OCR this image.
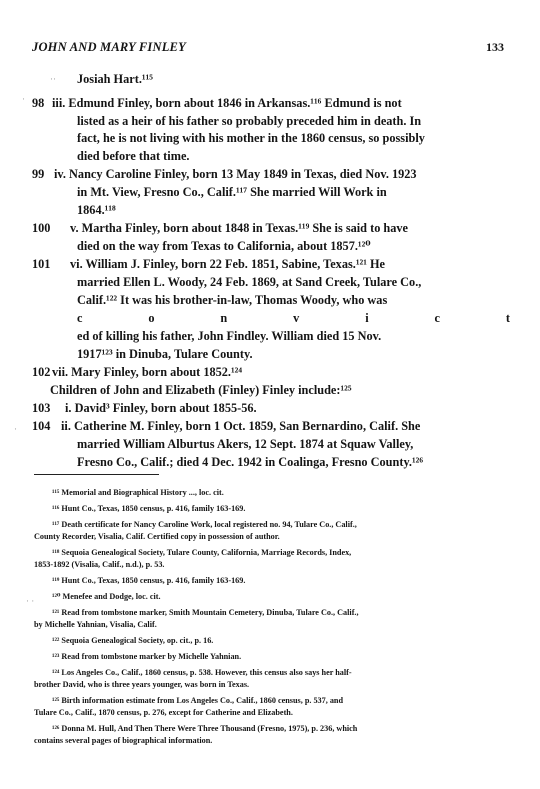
JOHN AND MARY FINLEY	133
··
·
Josiah Hart.¹¹⁵
98 iii. Edmund Finley, born about 1846 in Arkansas.¹¹⁶ Edmund is not
listed as a heir of his father so probably preceded him in death. In
fact, he is not living with his mother in the 1860 census, so possibly
died before that time.
99 iv. Nancy Caroline Finley, born 13 May 1849 in Texas, died Nov. 1923
in Mt. View, Fresno Co., Calif.¹¹⁷ She married Will Work in
1864.¹¹⁸
100 v. Martha Finley, born about 1848 in Texas.¹¹⁹ She is said to have
died on the way from Texas to California, about 1857.¹²⁰
101 vi. William J. Finley, born 22 Feb. 1851, Sabine, Texas.¹²¹ He
married Ellen L. Woody, 24 Feb. 1869, at Sand Creek, Tulare Co.,
Calif.¹²² It was his brother-in-law, Thomas Woody, who was
c	o	n	v	i	c	t
ed of killing his father, John Findley. William died 15 Nov.
1917¹²³ in Dinuba, Tulare County.
102 vii. Mary Finley, born about 1852.¹²⁴
Children of John and Elizabeth (Finley) Finley include:¹²⁵
103 i. David³ Finley, born about 1855-56.
104 ii. Catherine M. Finley, born 1 Oct. 1859, San Bernardino, Calif. She
married William Alburtus Akers, 12 Sept. 1874 at Squaw Valley,
Fresno Co., Calif.; died 4 Dec. 1942 in Coalinga, Fresno County.¹²⁶
¹¹⁵ Memorial and Biographical History ..., loc. cit.
¹¹⁶ Hunt Co., Texas, 1850 census, p. 416, family 163-169.
¹¹⁷ Death certificate for Nancy Caroline Work, local registered no. 94, Tulare Co., Calif.,
County Recorder, Visalia, Calif. Certified copy in possession of author.
¹¹⁸ Sequoia Genealogical Society, Tulare County, California, Marriage Records, Index,
1853-1892 (Visalia, Calif., n.d.), p. 53.
¹¹⁹ Hunt Co., Texas, 1850 census, p. 416, family 163-169.
¹²⁰ Menefee and Dodge, loc. cit.
¹²¹ Read from tombstone marker, Smith Mountain Cemetery, Dinuba, Tulare Co., Calif.,
by Michelle Yahnian, Visalia, Calif.
¹²² Sequoia Genealogical Society, op. cit., p. 16.
¹²³ Read from tombstone marker by Michelle Yahnian.
¹²⁴ Los Angeles Co., Calif., 1860 census, p. 538. However, this census also says her half-
brother David, who is three years younger, was born in Texas.
¹²⁵ Birth information estimate from Los Angeles Co., Calif., 1860 census, p. 537, and
Tulare Co., Calif., 1870 census, p. 276, except for Catherine and Elizabeth.
¹²⁶ Donna M. Hull, And Then There Were Three Thousand (Fresno, 1975), p. 236, which
contains several pages of biographical information.
· ·
·
